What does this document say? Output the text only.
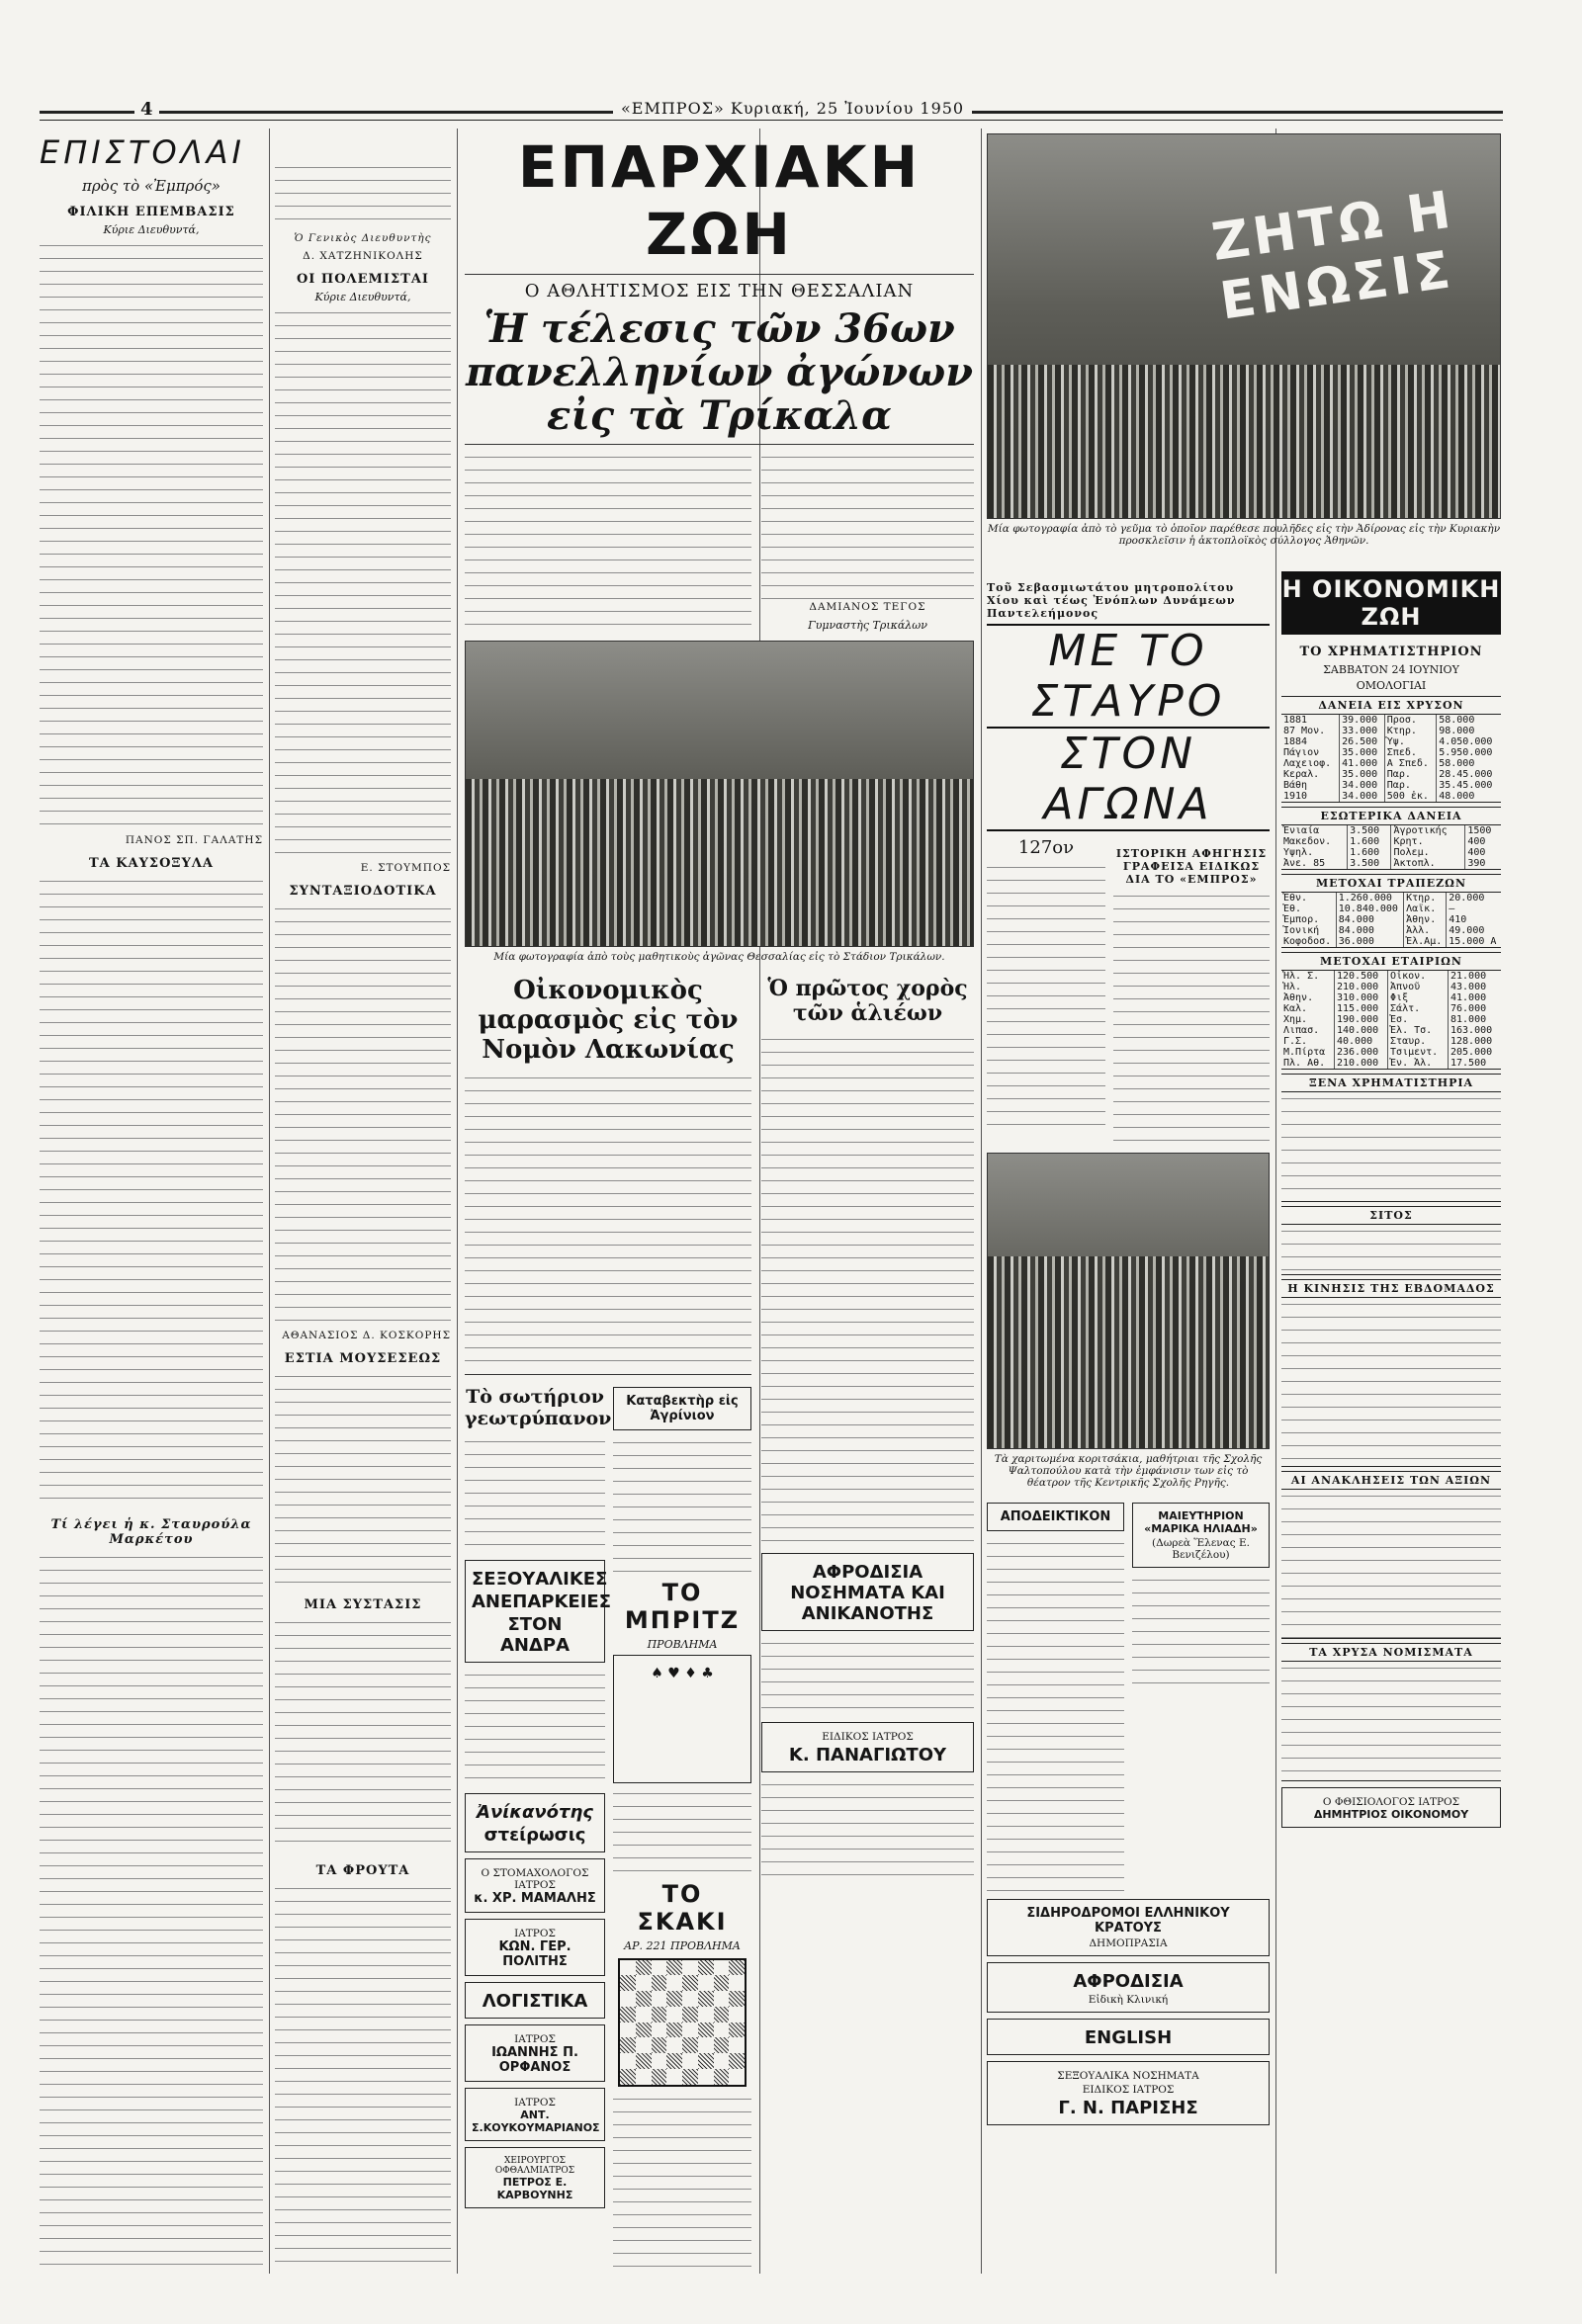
4	«ΕΜΠΡΟΣ» Κυριακή, 25 Ἰουνίου 1950
ΕΠΙΣΤΟΛΑΙ
πρὸς τὸ «Ἐμπρός»
ΦΙΛΙΚΗ ΕΠΕΜΒΑΣΙΣ
Κύριε Διευθυντά,
ΠΑΝΟΣ ΣΠ. ΓΑΛΑΤΗΣ
ΤΑ ΚΑΥΣΟΞΥΛΑ
Τί λέγει ἡ κ. Σταυρούλα Μαρκέτου

Ὁ Γενικὸς Διευθυντὴς
Δ. ΧΑΤΖΗΝΙΚΟΛΗΣ
ΟΙ ΠΟΛΕΜΙΣΤΑΙ
Κύριε Διευθυντά,
Ε. ΣΤΟΥΜΠΟΣ
ΣΥΝΤΑΞΙΟΔΟΤΙΚΑ
ΑΘΑΝΑΣΙΟΣ Δ. ΚΟΣΚΟΡΗΣ
ΕΣΤΙΑ ΜΟΥΣΕΣΕΩΣ
ΜΙΑ ΣΥΣΤΑΣΙΣ
ΤΑ ΦΡΟΥΤΑ
ΕΠΑΡΧΙΑΚΗ ΖΩΗ
Ο ΑΘΛΗΤΙΣΜΟΣ ΕΙΣ ΤΗΝ ΘΕΣΣΑΛΙΑΝ
Ἡ τέλεσις τῶν 36ων πανελληνίων ἀγώνων εἰς τὰ Τρίκαλα
ΔΑΜΙΑΝΟΣ ΤΕΓΟΣ
Γυμναστὴς Τρικάλων
Μία φωτογραφία ἀπὸ τοὺς μαθητικοὺς ἀγῶνας Θεσσαλίας εἰς τὸ Στάδιον Τρικάλων.
Οἰκονομικὸς μαρασμὸς εἰς τὸν Νομὸν Λακωνίας
Τὸ σωτήριον γεωτρύπανον
ΣΕΞΟΥΑΛΙΚΕΣ
ΑΝΕΠΑΡΚΕΙΕΣ
ΣΤΟΝ ΑΝΔΡΑ
Ἀνίκανότης
στείρωσις
Ο ΣΤΟΜΑΧΟΛΟΓΟΣ ΙΑΤΡΟΣ
κ. ΧΡ. ΜΑΜΑΛΗΣ
ΙΑΤΡΟΣ
ΚΩΝ. ΓΕΡ. ΠΟΛΙΤΗΣ
ΛΟΓΙΣΤΙΚΑ
ΙΑΤΡΟΣ
ΙΩΑΝΝΗΣ Π. ΟΡΦΑΝΟΣ
ΙΑΤΡΟΣ
ΑΝΤ. Σ.ΚΟΥΚΟΥΜΑΡΙΑΝΟΣ
ΧΕΙΡΟΥΡΓΟΣ ΟΦΘΑΛΜΙΑΤΡΟΣ
ΠΕΤΡΟΣ Ε. ΚΑΡΒΟΥΝΗΣ
Καταβεκτὴρ εἰς Ἀγρίνιον
ΤΟ ΜΠΡΙΤΖ
ΠΡΟΒΛΗΜΑ
♠ ♥ ♦ ♣
ΤΟ ΣΚΑΚΙ
ΑΡ. 221 ΠΡΟΒΛΗΜΑ
Ὁ πρῶτος χορὸς τῶν ἁλιέων
ΑΦΡΟΔΙΣΙΑ ΝΟΣΗΜΑΤΑ ΚΑΙ ΑΝΙΚΑΝΟΤΗΣ
ΕΙΔΙΚΟΣ ΙΑΤΡΟΣ
Κ. ΠΑΝΑΓΙΩΤΟΥ
ΖΗΤΩ Η ΕΝΩΣΙΣ
Μία φωτογραφία ἀπὸ τὸ γεῦμα τὸ ὁποῖον παρέθεσε πουλῆδες εἰς τὴν Ἀδίρονας εἰς τὴν Κυριακὴν προσκλεῖσιν ἡ ἀκτοπλοϊκὸς σύλλογος Ἀθηνῶν.
Τοῦ Σεβασμιωτάτου μητροπολίτου Χίου καὶ τέως Ἐνόπλων Δυνάμεων Παντελεήμονος
ΜΕ ΤΟ ΣΤΑΥΡΟ
ΣΤΟΝ ΑΓΩΝΑ
127ον	ΙΣΤΟΡΙΚΗ ΑΦΗΓΗΣΙΣ ΓΡΑΦΕΙΣΑ ΕΙΔΙΚΩΣ ΔΙΑ ΤΟ «ΕΜΠΡΟΣ»
Τὰ χαριτωμένα κοριτσάκια, μαθήτριαι τῆς Σχολῆς Ψαλτοπούλου κατὰ τὴν ἐμφάνισιν των εἰς τὸ θέατρον τῆς Κεντρικῆς Σχολῆς Ρηγῆς.
ΑΠΟΔΕΙΚΤΙΚΟΝ	ΜΑΙΕΥΤΗΡΙΟΝ «ΜΑΡΙΚΑ ΗΛΙΑΔΗ»
(Δωρεὰ Ἕλενας Ε. Βενιζέλου)
ΣΙΔΗΡΟΔΡΟΜΟΙ ΕΛΛΗΝΙΚΟΥ ΚΡΑΤΟΥΣ
ΔΗΜΟΠΡΑΣΙΑ
ΑΦΡΟΔΙΣΙΑ
Εἰδικὴ Κλινική
ENGLISH
ΣΕΞΟΥΑΛΙΚΑ ΝΟΣΗΜΑΤΑ
ΕΙΔΙΚΟΣ ΙΑΤΡΟΣ
Γ. Ν. ΠΑΡΙΣΗΣ
Η ΟΙΚΟΝΟΜΙΚΗ ΖΩΗ
ΤΟ ΧΡΗΜΑΤΙΣΤΗΡΙΟΝ
ΣΑΒΒΑΤΟΝ 24 ΙΟΥΝΙΟΥ
ΟΜΟΛΟΓΙΑΙ
ΔΑΝΕΙΑ ΕΙΣ ΧΡΥΣΟΝ
1881	39.000	Προσ.	58.000
87 Μον.	33.000	Κτηρ.	98.000
1884	26.500	Ὑψ.	4.050.000
Πάγιον	35.000	Σπεδ.	5.950.000
Λαχειοφ.	41.000	Α Σπεδ.	58.000
Κεραλ.	35.000	Παρ.	28.45.000
Βάθη	34.000	Παρ.	35.45.000
1910	34.000	500 ἐκ.	48.000
ΕΣΩΤΕΡΙΚΑ ΔΑΝΕΙΑ
Ἐνιαία	3.500	Ἀγροτικής	1500
Μακεδον.	1.600	Κρητ.	400
Υψηλ.	1.600	Πολεμ.	400
Ἀνε. 85	3.500	Ἀκτοπλ.	390
ΜΕΤΟΧΑΙ ΤΡΑΠΕΖΩΝ
Ἐθν.	1.260.000	Κτηρ.	20.000
Ἐθ.	10.840.000	Λαϊκ.	—
Ἐμπορ.	84.000	Ἀθην.	410
Ἰονική	84.000	Ἀλλ.	49.000
Κοφοδοσ.	36.000	Ἐλ.Αμ.	15.000 Α
ΜΕΤΟΧΑΙ ΕΤΑΙΡΙΩΝ
Ἠλ. Σ.	120.500	Οἰκον.	21.000
Ἠλ.	210.000	Ἀπνοῦ	43.000
Ἀθην.	310.000	Φιξ	41.000
Καλ.	115.000	Σάλτ.	76.000
Χημ.	190.000	Ἐσ.	81.000
Λιπασ.	140.000	Ἐλ. Τσ.	163.000
Γ.Σ.	40.000	Σταυρ.	128.000
Μ.Πίρτα	236.000	Τσιμεντ.	205.000
Πλ. Αθ.	210.000	Ἐν. Ἁλ.	17.500
ΞΕΝΑ ΧΡΗΜΑΤΙΣΤΗΡΙΑ
ΣΙΤΟΣ
Η ΚΙΝΗΣΙΣ ΤΗΣ ΕΒΔΟΜΑΔΟΣ
ΑΙ ΑΝΑΚΛΗΣΕΙΣ ΤΩΝ ΑΞΙΩΝ
ΤΑ ΧΡΥΣΑ ΝΟΜΙΣΜΑΤΑ
Ο ΦΘΙΣΙΟΛΟΓΟΣ ΙΑΤΡΟΣ
ΔΗΜΗΤΡΙΟΣ ΟΙΚΟΝΟΜΟΥ
